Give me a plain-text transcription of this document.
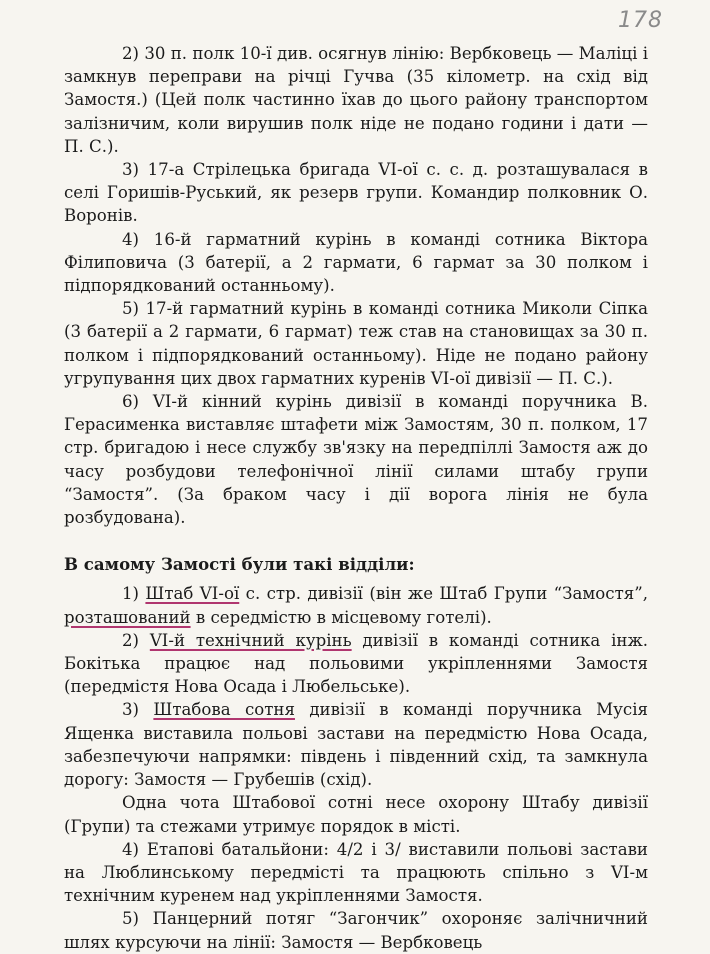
178

2) 30 п. полк 10-ї див. осягнув лінію: Вербковець — Маліці і замкнув переправи на річці Гучва (35 кілометр. на схід від Замостя.) (Цей полк частинно їхав до цього району транспортом залізничим, коли вирушив полк ніде не подано години і дати — П. С.).

3) 17-а Стрілецька бригада VI-ої с. с. д. розташувалася в селі Горишів-Руський, як резерв групи. Командир полковник О. Воронів.

4) 16-й гарматний курінь в команді сотника Віктора Філиповича (3 батерії, а 2 гармати, 6 гармат за 30 полком і підпорядкований останньому).

5) 17-й гарматний курінь в команді сотника Миколи Сіпка (3 батерії а 2 гармати, 6 гармат) теж став на становищах за 30 п. полком і підпорядкований останньому). Ніде не подано району угрупування цих двох гарматних куренів VI-ої дивізії — П. С.).

6) VI-й кінний курінь дивізії в команді поручника В. Герасименка виставляє штафети між Замостям, 30 п. полком, 17 стр. бригадою і несе службу зв'язку на передпіллі Замостя аж до часу розбудови телефонічної лінії силами штабу групи “Замостя”. (За браком часу і дії ворога лінія не була розбудована).

В самому Замості були такі відділи:

1) Штаб VI-ої с. стр. дивізії (він же Штаб Групи “Замостя”, розташований в середмістю в місцевому готелі).

2) VI-й технічний курінь дивізії в команді сотника інж. Бокітька працює над польовими укріпленнями Замостя (передмістя Нова Осада і Любельське).

3) Штабова сотня дивізії в команді поручника Мусія Ященка виставила польові застави на передмістю Нова Осада, забезпечуючи напрямки: південь і південний схід, та замкнула дорогу: Замостя — Грубешів (схід).

Одна чота Штабової сотні несе охорону Штабу дивізії (Групи) та стежами утримує порядок в місті.

4) Етапові батальйони: 4/2 і 3/ виставили польові застави на Люблинському передмісті та працюють спільно з VI-м технічним куренем над укріпленнями Замостя.

5) Панцерний потяг “Загончик” охороняє залічничний шлях курсуючи на лінії: Замостя — Вербковець
